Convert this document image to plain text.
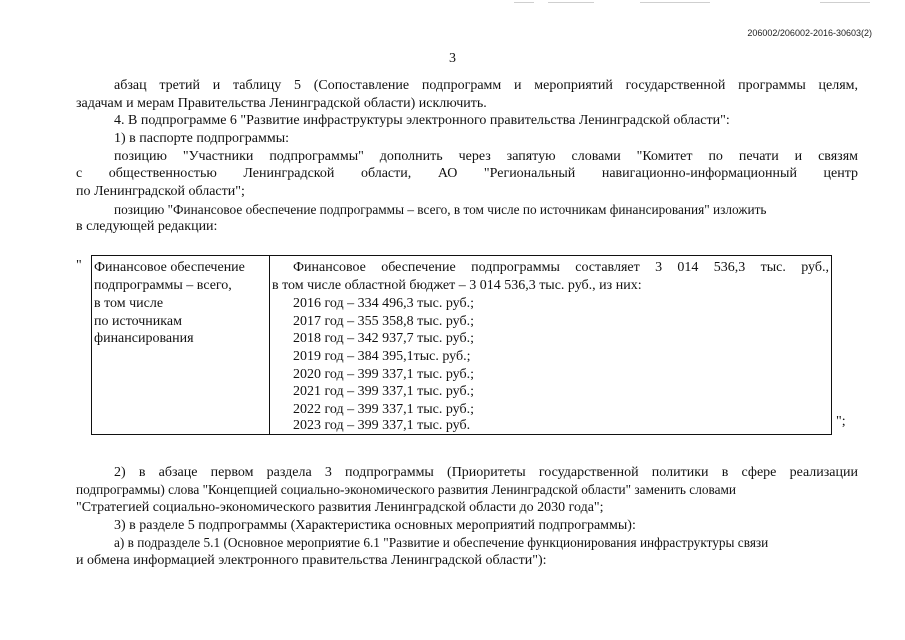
206002/206002-2016-30603(2)
3
абзац третий и таблицу 5 (Сопоставление подпрограмм и мероприятий государственной программы целям,
задачам и мерам Правительства Ленинградской области) исключить.
4. В подпрограмме 6 "Развитие инфраструктуры электронного правительства Ленинградской области":
1) в паспорте подпрограммы:
позицию "Участники подпрограммы" дополнить через запятую словами "Комитет по печати и связям
с общественностью Ленинградской области, АО "Региональный навигационно-информационный центр
по Ленинградской области";
позицию "Финансовое обеспечение подпрограммы – всего, в том числе по источникам финансирования" изложить
в следующей редакции:
" Финансовое обеспечение
подпрограммы – всего,
в том числе
по источникам
финансирования
Финансовое обеспечение подпрограммы составляет 3 014 536,3 тыс. руб.,
в том числе областной бюджет – 3 014 536,3 тыс. руб., из них:
2016 год – 334 496,3 тыс. руб.;
2017 год – 355 358,8 тыс. руб.;
2018 год – 342 937,7 тыс. руб.;
2019 год – 384 395,1тыс. руб.;
2020 год – 399 337,1 тыс. руб.;
2021 год – 399 337,1 тыс. руб.;
2022 год – 399 337,1 тыс. руб.;
2023 год – 399 337,1 тыс. руб.	";
2) в абзаце первом раздела 3 подпрограммы (Приоритеты государственной политики в сфере реализации
подпрограммы) слова "Концепцией социально-экономического развития Ленинградской области" заменить словами
"Стратегией социально-экономического развития Ленинградской области до 2030 года";
3) в разделе 5 подпрограммы (Характеристика основных мероприятий подпрограммы):
а) в подразделе 5.1 (Основное мероприятие 6.1 "Развитие и обеспечение функционирования инфраструктуры связи
и обмена информацией электронного правительства Ленинградской области"):
